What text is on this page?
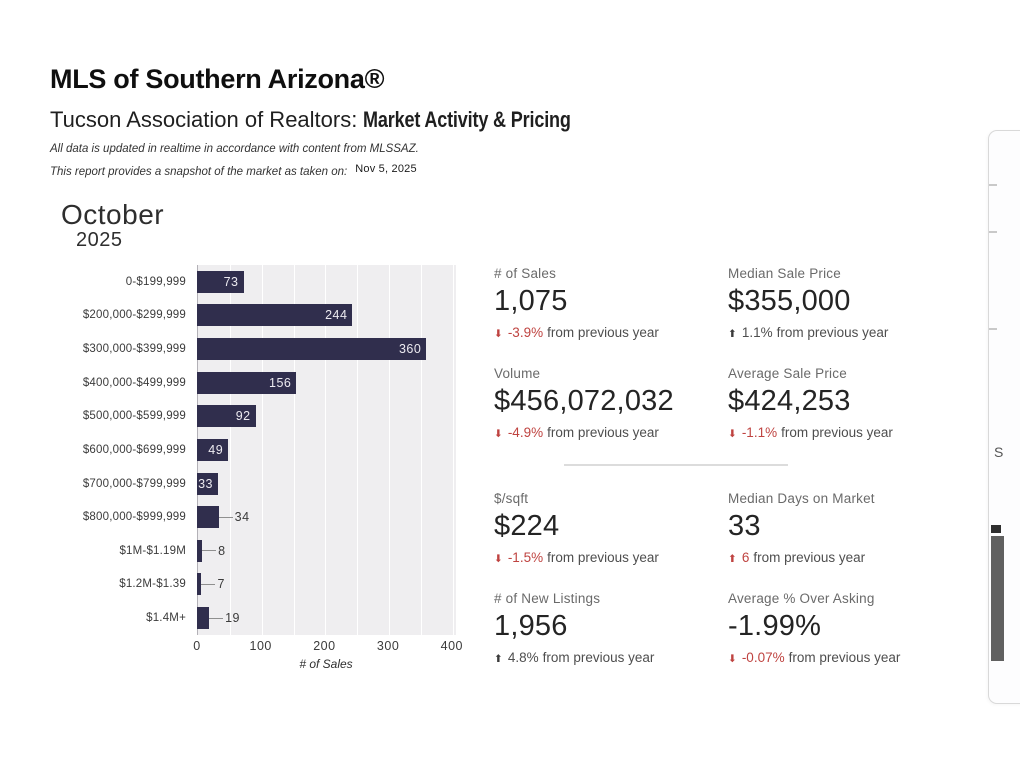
MLS of Southern Arizona®
Tucson Association of Realtors: Market Activity & Pricing
All data is updated in realtime in accordance with content from MLSSAZ.
This report provides a snapshot of the market as taken on: Nov 5, 2025
October
2025
0-$199,999	73
$200,000-$299,999	244
$300,000-$399,999	360
$400,000-$499,999	156
$500,000-$599,999	92
$600,000-$699,999	49
$700,000-$799,999 33
$800,000-$999,999	34
$1M-$1.19M	8
$1.2M-$1.39	7
$1.4M+	19
0	100	200	300	400
# of Sales
# of Sales
1,075
⬇ -3.9% from previous year
Median Sale Price
$355,000
⬆ 1.1% from previous year
Volume
$456,072,032
⬇ -4.9% from previous year
Average Sale Price
$424,253
⬇ -1.1% from previous year
$/sqft
$224
⬇ -1.5% from previous year
Median Days on Market
33
⬆ 6 from previous year
# of New Listings
1,956
⬆ 4.8% from previous year
Average % Over Asking
-1.99%
⬇ -0.07% from previous year
S
